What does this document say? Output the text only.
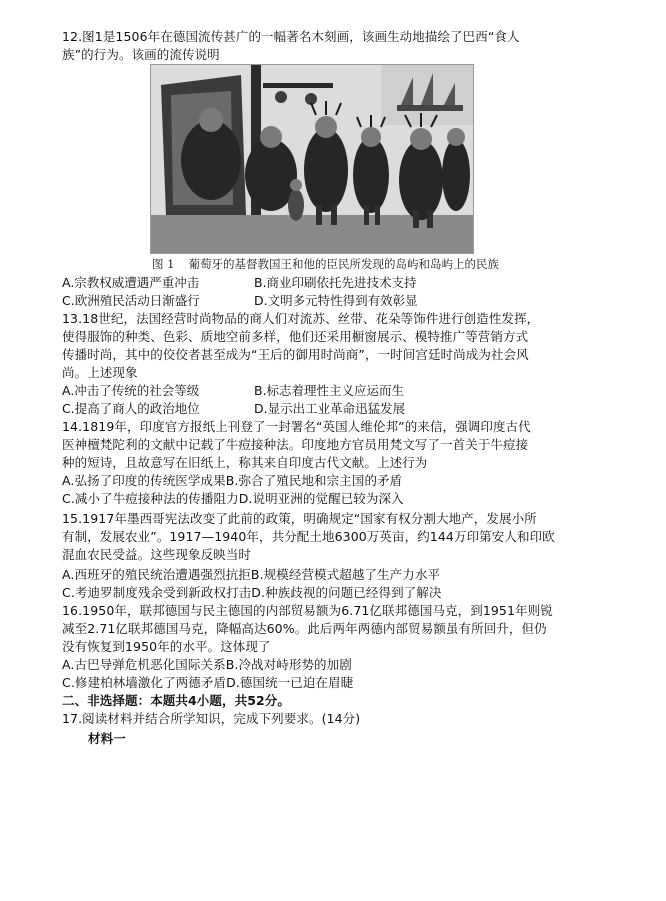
12.图1是1506年在德国流传甚广的一幅著名木刻画，该画生动地描绘了巴西“食人
族”的行为。该画的流传说明
图 1 葡萄牙的基督教国王和他的臣民所发现的岛屿和岛屿上的民族
A.宗教权威遭遇严重冲击	B.商业印刷依托先进技术支持
C.欧洲殖民活动日渐盛行	D.文明多元特性得到有效彰显
13.18世纪，法国经营时尚物品的商人们对流苏、丝带、花朵等饰件进行创造性发挥，
使得服饰的种类、色彩、质地空前多样，他们还采用橱窗展示、模特推广等营销方式
传播时尚，其中的佼佼者甚至成为“王后的御用时尚商”，一时间宫廷时尚成为社会风
尚。上述现象
A.冲击了传统的社会等级	B.标志着理性主义应运而生
C.提高了商人的政治地位	D.显示出工业革命迅猛发展
14.1819年，印度官方报纸上刊登了一封署名“英国人维伦邦”的来信，强调印度古代
医神檀梵陀利的文献中记载了牛痘接种法。印度地方官员用梵文写了一首关于牛痘接
种的短诗，且故意写在旧纸上，称其来自印度古代文献。上述行为
A.弘扬了印度的传统医学成果B.弥合了殖民地和宗主国的矛盾
C.减小了牛痘接种法的传播阻力D.说明亚洲的觉醒已较为深入
15.1917年墨西哥宪法改变了此前的政策，明确规定“国家有权分割大地产，发展小所
有制，发展农业”。1917—1940年，共分配土地6300万英亩，约144万印第安人和印欧
混血农民受益。这些现象反映当时
A.西班牙的殖民统治遭遇强烈抗拒B.规模经营模式超越了生产力水平
C.考迪罗制度残余受到新政权打击D.种族歧视的问题已经得到了解决
16.1950年，联邦德国与民主德国的内部贸易额为6.71亿联邦德国马克，到1951年则锐
减至2.71亿联邦德国马克，降幅高达60%。此后两年两德内部贸易额虽有所回升，但仍
没有恢复到1950年的水平。这体现了
A.古巴导弹危机恶化国际关系B.冷战对峙形势的加剧
C.修建柏林墙激化了两德矛盾D.德国统一已迫在眉睫
二、非选择题：本题共4小题，共52分。
17.阅读材料并结合所学知识，完成下列要求。(14分)
材料一
